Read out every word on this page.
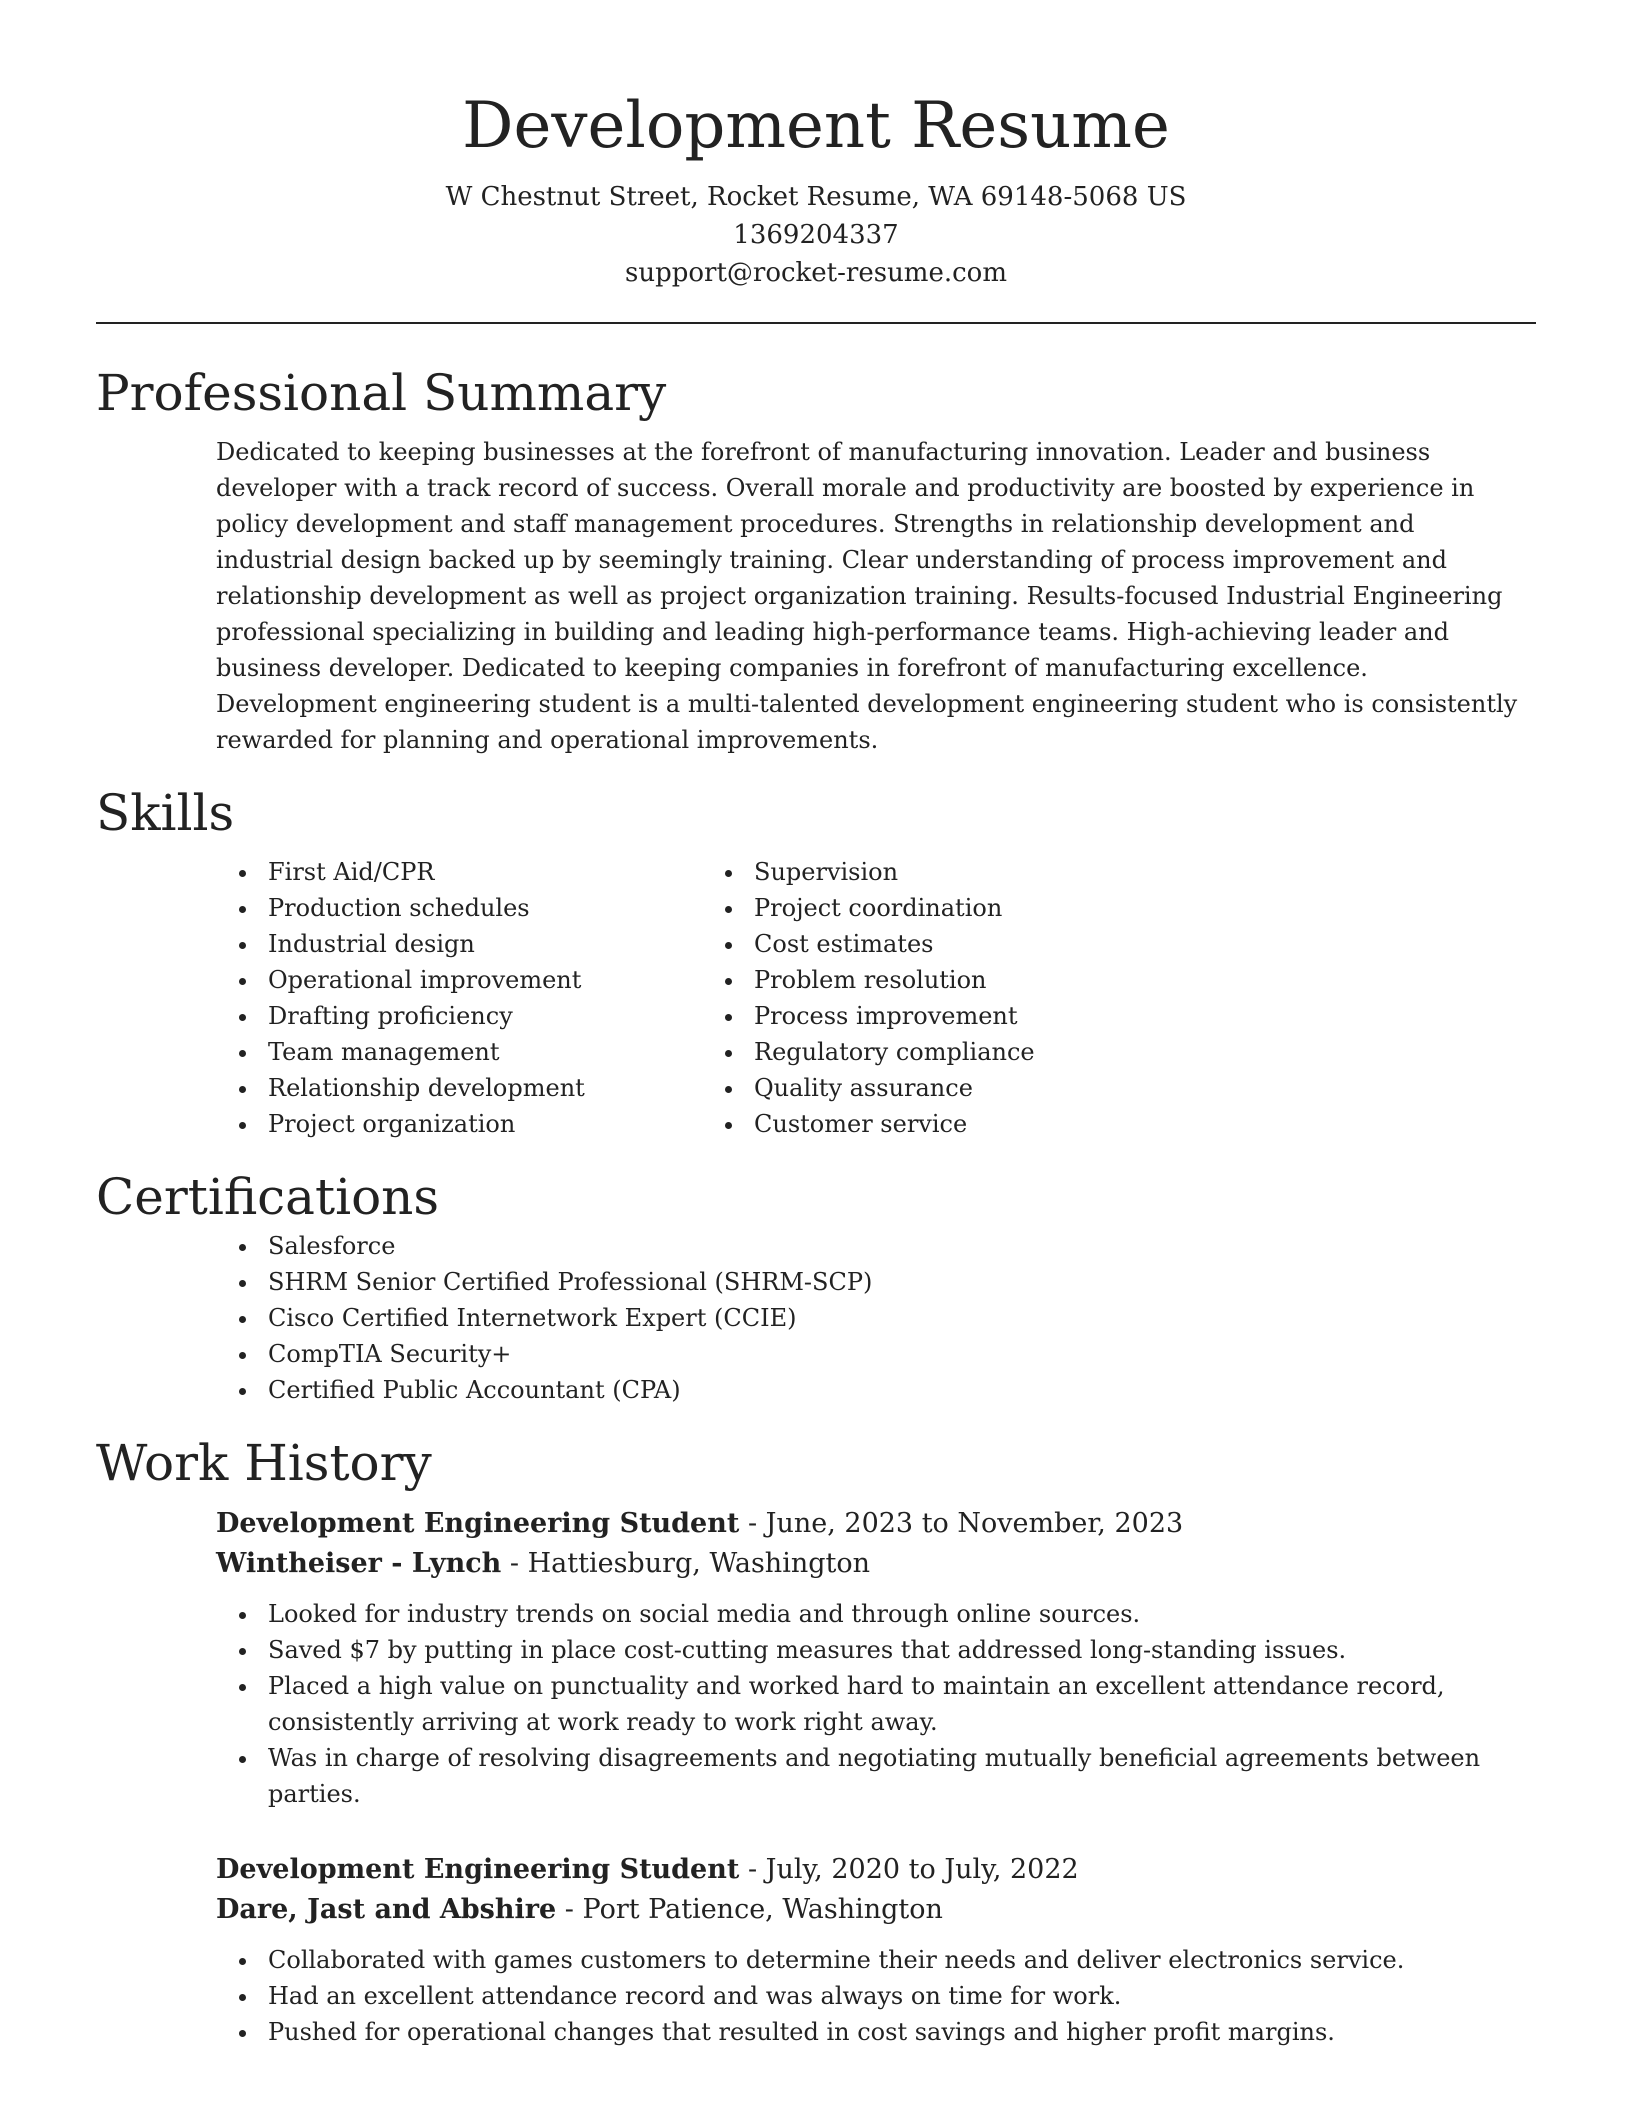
Development Resume

W Chestnut Street, Rocket Resume, WA 69148-5068 US

1369204337

support@rocket-resume.com

Professional Summary

Dedicated to keeping businesses at the forefront of manufacturing innovation. Leader and business developer with a track record of success. Overall morale and productivity are boosted by experience in policy development and staff management procedures. Strengths in relationship development and industrial design backed up by seemingly training. Clear understanding of process improvement and relationship development as well as project organization training. Results-focused Industrial Engineering professional specializing in building and leading high-performance teams. High-achieving leader and business developer. Dedicated to keeping companies in forefront of manufacturing excellence. Development engineering student is a multi-talented development engineering student who is consistently rewarded for planning and operational improvements.

Skills
• First Aid/CPR
• Production schedules
• Industrial design
• Operational improvement
• Drafting proficiency
• Team management
• Relationship development
• Project organization
• Supervision
• Project coordination
• Cost estimates
• Problem resolution
• Process improvement
• Regulatory compliance
• Quality assurance
• Customer service
Certifications
• Salesforce
• SHRM Senior Certified Professional (SHRM-SCP)
• Cisco Certified Internetwork Expert (CCIE)
• CompTIA Security+
• Certified Public Accountant (CPA)
Work History
Development Engineering Student - June, 2023 to November, 2023
Wintheiser - Lynch - Hattiesburg, Washington
• Looked for industry trends on social media and through online sources.
• Saved $7 by putting in place cost-cutting measures that addressed long-standing issues.
• Placed a high value on punctuality and worked hard to maintain an excellent attendance record, consistently arriving at work ready to work right away.
• Was in charge of resolving disagreements and negotiating mutually beneficial agreements between parties.
Development Engineering Student - July, 2020 to July, 2022
Dare, Jast and Abshire - Port Patience, Washington
• Collaborated with games customers to determine their needs and deliver electronics service.
• Had an excellent attendance record and was always on time for work.
• Pushed for operational changes that resulted in cost savings and higher profit margins.
